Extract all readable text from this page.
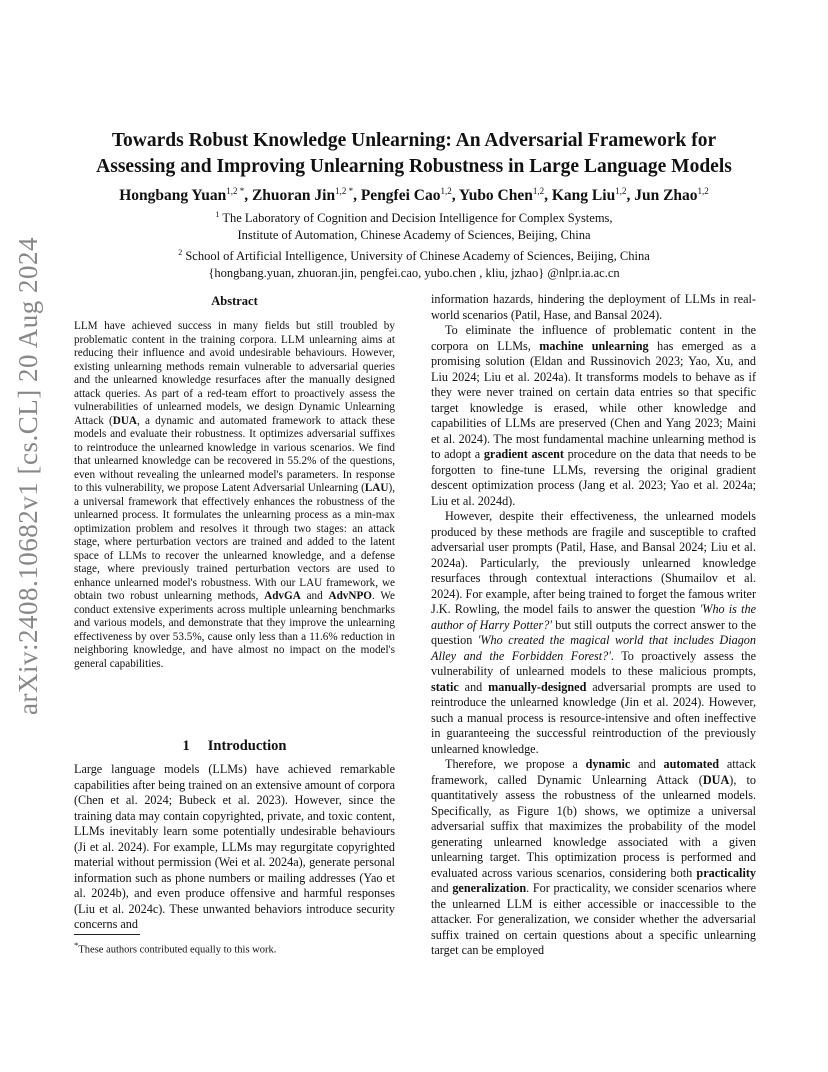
arXiv:2408.10682v1 [cs.CL] 20 Aug 2024
Towards Robust Knowledge Unlearning: An Adversarial Framework for
Assessing and Improving Unlearning Robustness in Large Language Models
Hongbang Yuan$^{1,2 *}$, Zhuoran Jin$^{1,2 *}$, Pengfei Cao$^{1,2}$, Yubo Chen$^{1,2}$, Kang Liu$^{1,2}$, Jun Zhao$^{1,2}$
$^1$ The Laboratory of Cognition and Decision Intelligence for Complex Systems,
Institute of Automation, Chinese Academy of Sciences, Beijing, China
$^2$ School of Artificial Intelligence, University of Chinese Academy of Sciences, Beijing, China
{hongbang.yuan, zhuoran.jin, pengfei.cao, yubo.chen , kliu, jzhao} @nlpr.ia.ac.cn
Abstract
LLM have achieved success in many fields but still troubled by problematic content in the training corpora. LLM unlearning aims at reducing their influence and avoid undesirable behaviours. However, existing unlearning methods remain vulnerable to adversarial queries and the unlearned knowledge resurfaces after the manually designed attack queries. As part of a red-team effort to proactively assess the vulnerabilities of unlearned models, we design Dynamic Unlearning Attack (DUA, a dynamic and automated framework to attack these models and evaluate their robustness. It optimizes adversarial suffixes to reintroduce the unlearned knowledge in various scenarios. We find that unlearned knowledge can be recovered in 55.2% of the questions, even without revealing the unlearned model's parameters. In response to this vulnerability, we propose Latent Adversarial Unlearning (LAU), a universal framework that effectively enhances the robustness of the unlearned process. It formulates the unlearning process as a min-max optimization problem and resolves it through two stages: an attack stage, where perturbation vectors are trained and added to the latent space of LLMs to recover the unlearned knowledge, and a defense stage, where previously trained perturbation vectors are used to enhance unlearned model's robustness. With our LAU framework, we obtain two robust unlearning methods, AdvGA and AdvNPO. We conduct extensive experiments across multiple unlearning benchmarks and various models, and demonstrate that they improve the unlearning effectiveness by over 53.5%, cause only less than a 11.6% reduction in neighboring knowledge, and have almost no impact on the model's general capabilities.
1 Introduction
Large language models (LLMs) have achieved remarkable capabilities after being trained on an extensive amount of corpora (Chen et al. 2024; Bubeck et al. 2023). However, since the training data may contain copyrighted, private, and toxic content, LLMs inevitably learn some potentially undesirable behaviours (Ji et al. 2024). For example, LLMs may regurgitate copyrighted material without permission (Wei et al. 2024a), generate personal information such as phone numbers or mailing addresses (Yao et al. 2024b), and even produce offensive and harmful responses (Liu et al. 2024c). These unwanted behaviors introduce security concerns and
*These authors contributed equally to this work.

information hazards, hindering the deployment of LLMs in real-world scenarios (Patil, Hase, and Bansal 2024).

To eliminate the influence of problematic content in the corpora on LLMs, machine unlearning has emerged as a promising solution (Eldan and Russinovich 2023; Yao, Xu, and Liu 2024; Liu et al. 2024a). It transforms models to behave as if they were never trained on certain data entries so that specific target knowledge is erased, while other knowledge and capabilities of LLMs are preserved (Chen and Yang 2023; Maini et al. 2024). The most fundamental machine unlearning method is to adopt a gradient ascent procedure on the data that needs to be forgotten to fine-tune LLMs, reversing the original gradient descent optimization process (Jang et al. 2023; Yao et al. 2024a; Liu et al. 2024d).

However, despite their effectiveness, the unlearned models produced by these methods are fragile and susceptible to crafted adversarial user prompts (Patil, Hase, and Bansal 2024; Liu et al. 2024a). Particularly, the previously unlearned knowledge resurfaces through contextual interactions (Shumailov et al. 2024). For example, after being trained to forget the famous writer J.K. Rowling, the model fails to answer the question 'Who is the author of Harry Potter?' but still outputs the correct answer to the question 'Who created the magical world that includes Diagon Alley and the Forbidden Forest?'. To proactively assess the vulnerability of unlearned models to these malicious prompts, static and manually-designed adversarial prompts are used to reintroduce the unlearned knowledge (Jin et al. 2024). However, such a manual process is resource-intensive and often ineffective in guaranteeing the successful reintroduction of the previously unlearned knowledge.

Therefore, we propose a dynamic and automated attack framework, called Dynamic Unlearning Attack (DUA), to quantitatively assess the robustness of the unlearned models. Specifically, as Figure 1(b) shows, we optimize a universal adversarial suffix that maximizes the probability of the model generating unlearned knowledge associated with a given unlearning target. This optimization process is performed and evaluated across various scenarios, considering both practicality and generalization. For practicality, we consider scenarios where the unlearned LLM is either accessible or inaccessible to the attacker. For generalization, we consider whether the adversarial suffix trained on certain questions about a specific unlearning target can be employed
